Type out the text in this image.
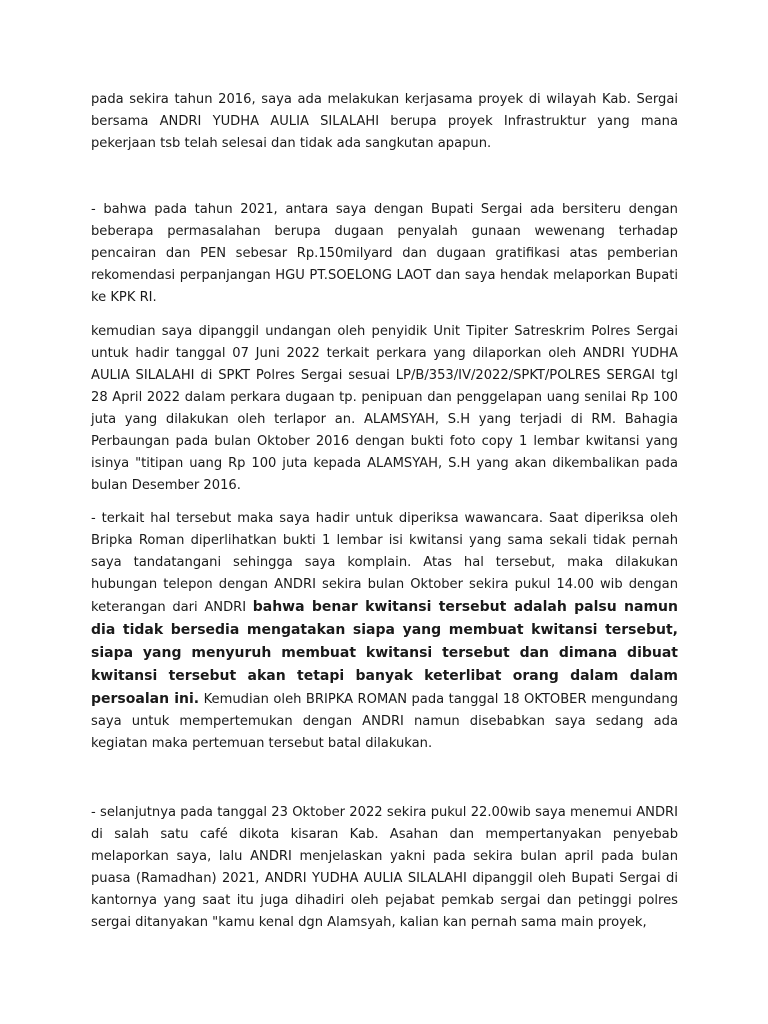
pada sekira tahun 2016, saya ada melakukan kerjasama proyek di wilayah Kab. Sergai bersama ANDRI YUDHA AULIA SILALAHI berupa proyek Infrastruktur yang mana pekerjaan tsb telah selesai dan tidak ada sangkutan apapun.

- bahwa pada tahun 2021, antara saya dengan Bupati Sergai ada bersiteru dengan beberapa permasalahan berupa dugaan penyalah gunaan wewenang terhadap pencairan dan PEN sebesar Rp.150milyard dan dugaan gratifikasi atas pemberian rekomendasi perpanjangan HGU PT.SOELONG LAOT dan saya hendak melaporkan Bupati ke KPK RI.

kemudian saya dipanggil undangan oleh penyidik Unit Tipiter Satreskrim Polres Sergai untuk hadir tanggal 07 Juni 2022 terkait perkara yang dilaporkan oleh ANDRI YUDHA AULIA SILALAHI di SPKT Polres Sergai sesuai LP/B/353/IV/2022/SPKT/POLRES SERGAI tgl 28 April 2022 dalam perkara dugaan tp. penipuan dan penggelapan uang senilai Rp 100 juta yang dilakukan oleh terlapor an. ALAMSYAH, S.H yang terjadi di RM. Bahagia Perbaungan pada bulan Oktober 2016 dengan bukti foto copy 1 lembar kwitansi yang isinya "titipan uang Rp 100 juta kepada ALAMSYAH, S.H yang akan dikembalikan pada bulan Desember 2016.

- terkait hal tersebut maka saya hadir untuk diperiksa wawancara. Saat diperiksa oleh Bripka Roman diperlihatkan bukti 1 lembar isi kwitansi yang sama sekali tidak pernah saya tandatangani sehingga saya komplain. Atas hal tersebut, maka dilakukan hubungan telepon dengan ANDRI sekira bulan Oktober sekira pukul 14.00 wib dengan keterangan dari ANDRI bahwa benar kwitansi tersebut adalah palsu namun dia tidak bersedia mengatakan siapa yang membuat kwitansi tersebut, siapa yang menyuruh membuat kwitansi tersebut dan dimana dibuat kwitansi tersebut akan tetapi banyak keterlibat orang dalam dalam persoalan ini. Kemudian oleh BRIPKA ROMAN pada tanggal 18 OKTOBER mengundang saya untuk mempertemukan dengan ANDRI namun disebabkan saya sedang ada kegiatan maka pertemuan tersebut batal dilakukan.

- selanjutnya pada tanggal 23 Oktober 2022 sekira pukul 22.00wib saya menemui ANDRI di salah satu café dikota kisaran Kab. Asahan dan mempertanyakan penyebab melaporkan saya, lalu ANDRI menjelaskan yakni pada sekira bulan april pada bulan puasa (Ramadhan) 2021, ANDRI YUDHA AULIA SILALAHI dipanggil oleh Bupati Sergai di kantornya yang saat itu juga dihadiri oleh pejabat pemkab sergai dan petinggi polres sergai ditanyakan "kamu kenal dgn Alamsyah, kalian kan pernah sama main proyek,
